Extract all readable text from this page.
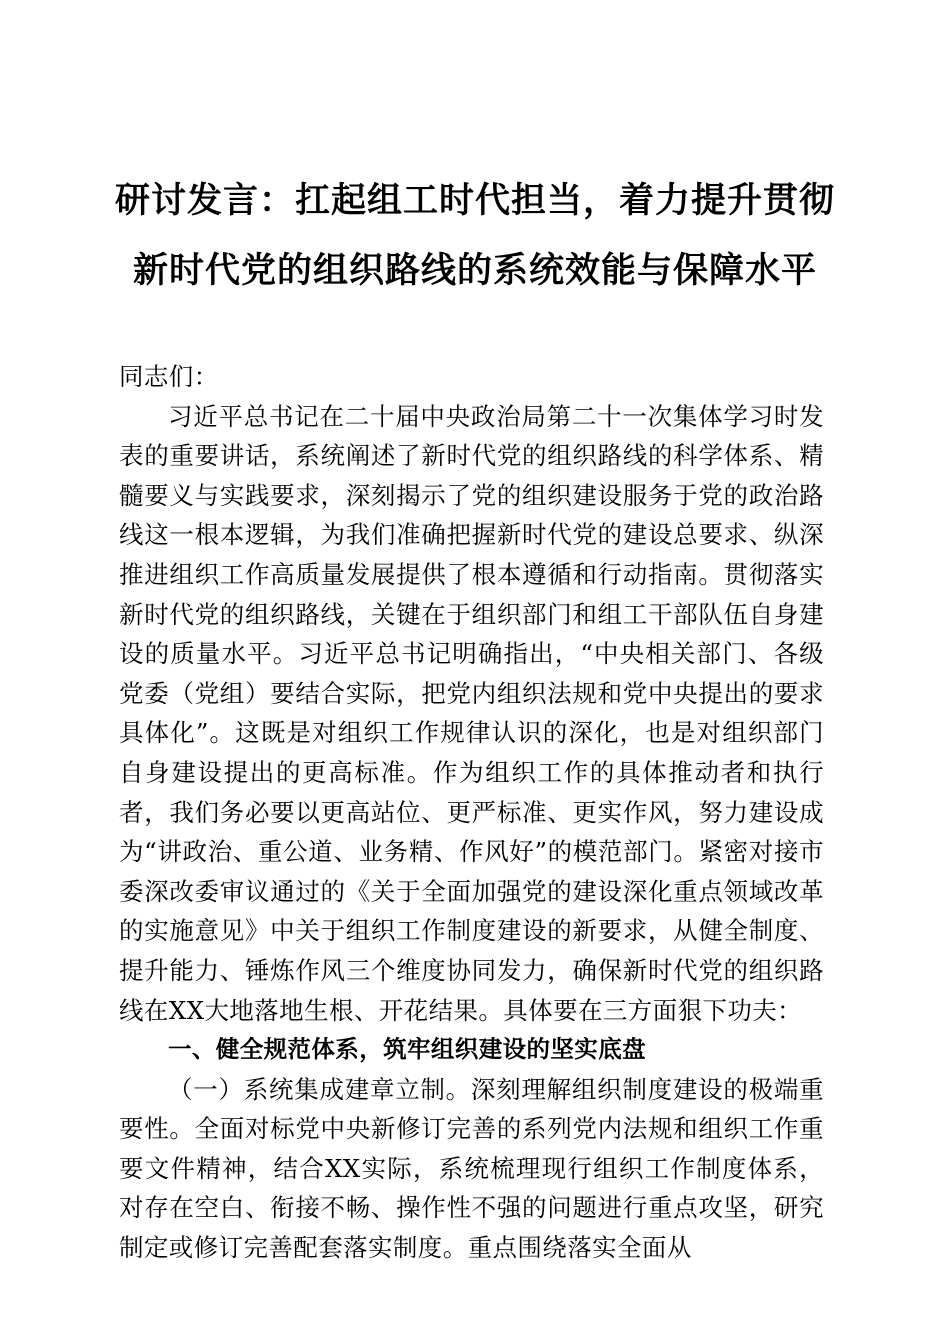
研讨发言：扛起组工时代担当，着力提升贯彻
新时代党的组织路线的系统效能与保障水平

同志们：

习近平总书记在二十届中央政治局第二十一次集体学习时发表的重要讲话，系统阐述了新时代党的组织路线的科学体系、精髓要义与实践要求，深刻揭示了党的组织建设服务于党的政治路线这一根本逻辑，为我们准确把握新时代党的建设总要求、纵深推进组织工作高质量发展提供了根本遵循和行动指南。贯彻落实新时代党的组织路线，关键在于组织部门和组工干部队伍自身建设的质量水平。习近平总书记明确指出，“中央相关部门、各级党委（党组）要结合实际，把党内组织法规和党中央提出的要求具体化”。这既是对组织工作规律认识的深化，也是对组织部门自身建设提出的更高标准。作为组织工作的具体推动者和执行者，我们务必要以更高站位、更严标准、更实作风，努力建设成为“讲政治、重公道、业务精、作风好”的模范部门。紧密对接市委深改委审议通过的《关于全面加强党的建设深化重点领域改革的实施意见》中关于组织工作制度建设的新要求，从健全制度、提升能力、锤炼作风三个维度协同发力，确保新时代党的组织路线在XX大地落地生根、开花结果。具体要在三方面狠下功夫：

一、健全规范体系，筑牢组织建设的坚实底盘

（一）系统集成建章立制。深刻理解组织制度建设的极端重要性。全面对标党中央新修订完善的系列党内法规和组织工作重要文件精神，结合XX实际，系统梳理现行组织工作制度体系，对存在空白、衔接不畅、操作性不强的问题进行重点攻坚，研究制定或修订完善配套落实制度。重点围绕落实全面从
